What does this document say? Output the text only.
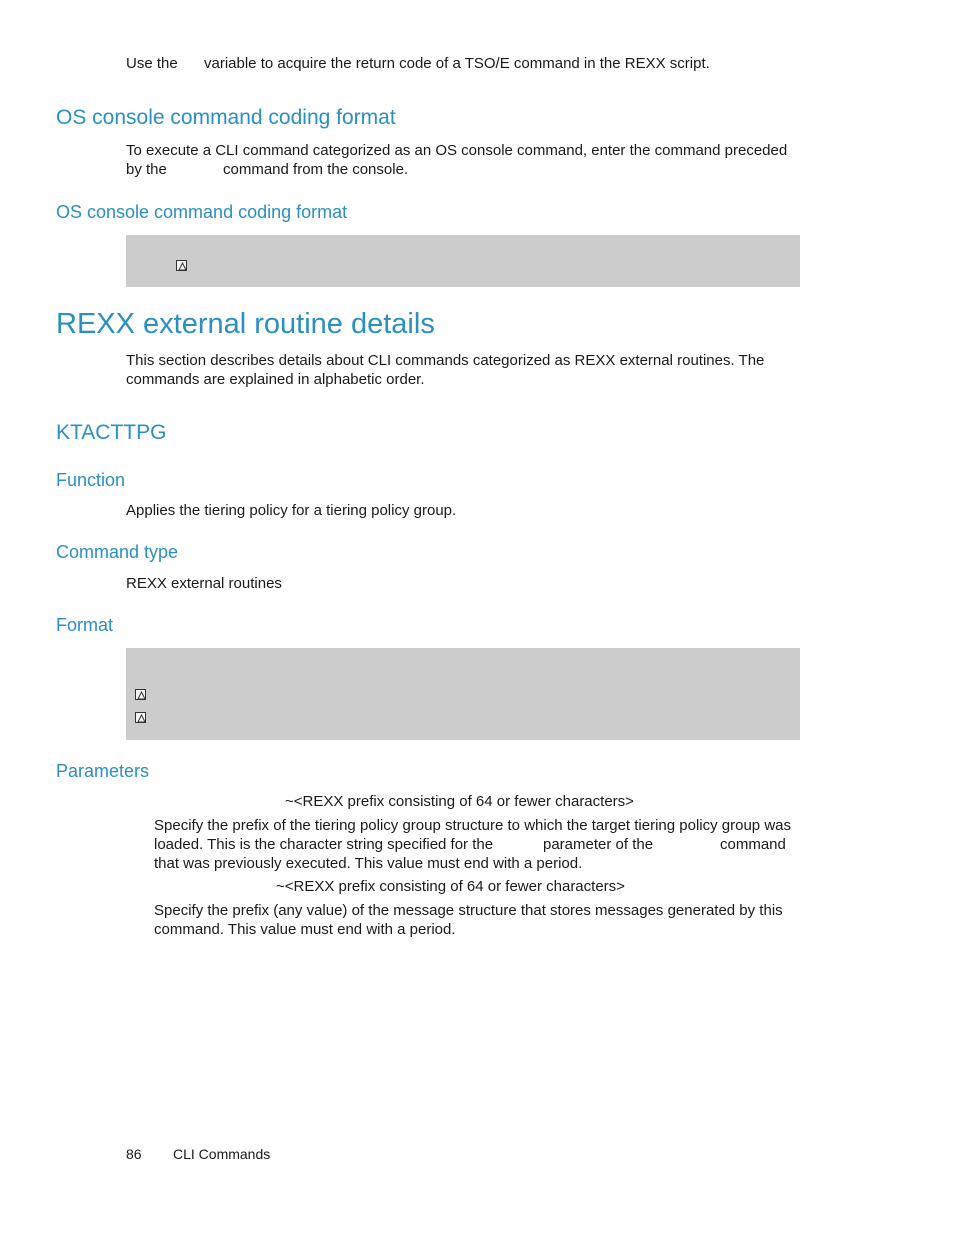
Use the variable to acquire the return code of a TSO/E command in the REXX script.
OS console command coding format
To execute a CLI command categorized as an OS console command, enter the command preceded
by the	command from the console.
OS console command coding format
REXX external routine details
This section describes details about CLI commands categorized as REXX external routines. The
commands are explained in alphabetic order.
KTACTTPG
Function
Applies the tiering policy for a tiering policy group.
Command type
REXX external routines
Format
Parameters
~<REXX prefix consisting of 64 or fewer characters>
Specify the prefix of the tiering policy group structure to which the target tiering policy group was
loaded. This is the character string specified for the	parameter of the	command
that was previously executed. This value must end with a period.
~<REXX prefix consisting of 64 or fewer characters>
Specify the prefix (any value) of the message structure that stores messages generated by this
command. This value must end with a period.
86 CLI Commands
